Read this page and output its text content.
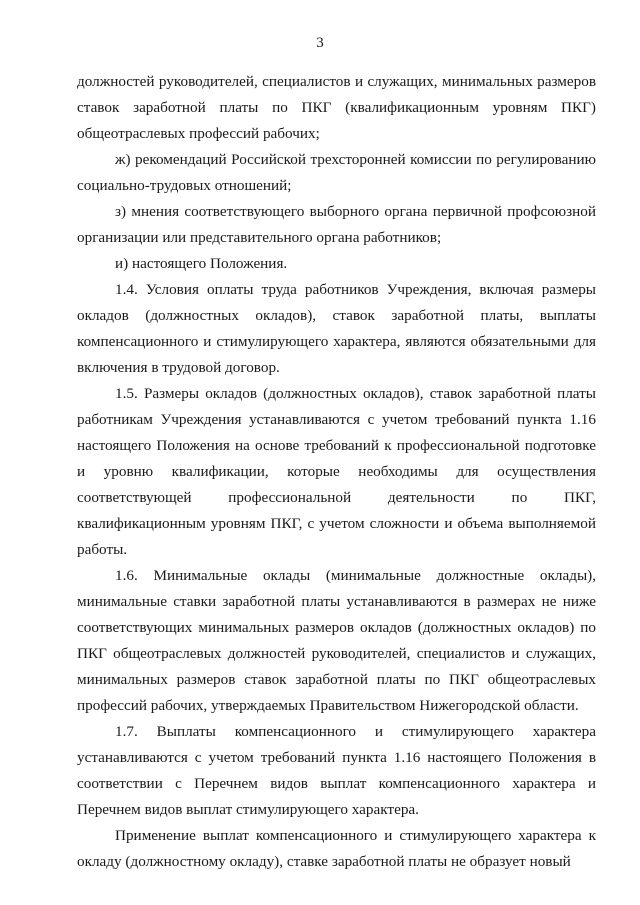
3

должностей руководителей, специалистов и служащих, минимальных размеров ставок заработной платы по ПКГ (квалификационным уровням ПКГ) общеотраслевых профессий рабочих;

ж) рекомендаций Российской трехсторонней комиссии по регулированию социально-трудовых отношений;

з) мнения соответствующего выборного органа первичной профсоюзной организации или представительного органа работников;

и) настоящего Положения.

1.4. Условия оплаты труда работников Учреждения, включая размеры окладов (должностных окладов), ставок заработной платы, выплаты компенсационного и стимулирующего характера, являются обязательными для включения в трудовой договор.

1.5. Размеры окладов (должностных окладов), ставок заработной платы работникам Учреждения устанавливаются с учетом требований пункта 1.16 настоящего Положения на основе требований к профессиональной подготовке и уровню квалификации, которые необходимы для осуществления соответствующей профессиональной деятельности по ПКГ, квалификационным уровням ПКГ, с учетом сложности и объема выполняемой работы.

1.6. Минимальные оклады (минимальные должностные оклады), минимальные ставки заработной платы устанавливаются в размерах не ниже соответствующих минимальных размеров окладов (должностных окладов) по ПКГ общеотраслевых должностей руководителей, специалистов и служащих, минимальных размеров ставок заработной платы по ПКГ общеотраслевых профессий рабочих, утверждаемых Правительством Нижегородской области.

1.7. Выплаты компенсационного и стимулирующего характера устанавливаются с учетом требований пункта 1.16 настоящего Положения в соответствии с Перечнем видов выплат компенсационного характера и Перечнем видов выплат стимулирующего характера.

Применение выплат компенсационного и стимулирующего характера к окладу (должностному окладу), ставке заработной платы не образует новый
